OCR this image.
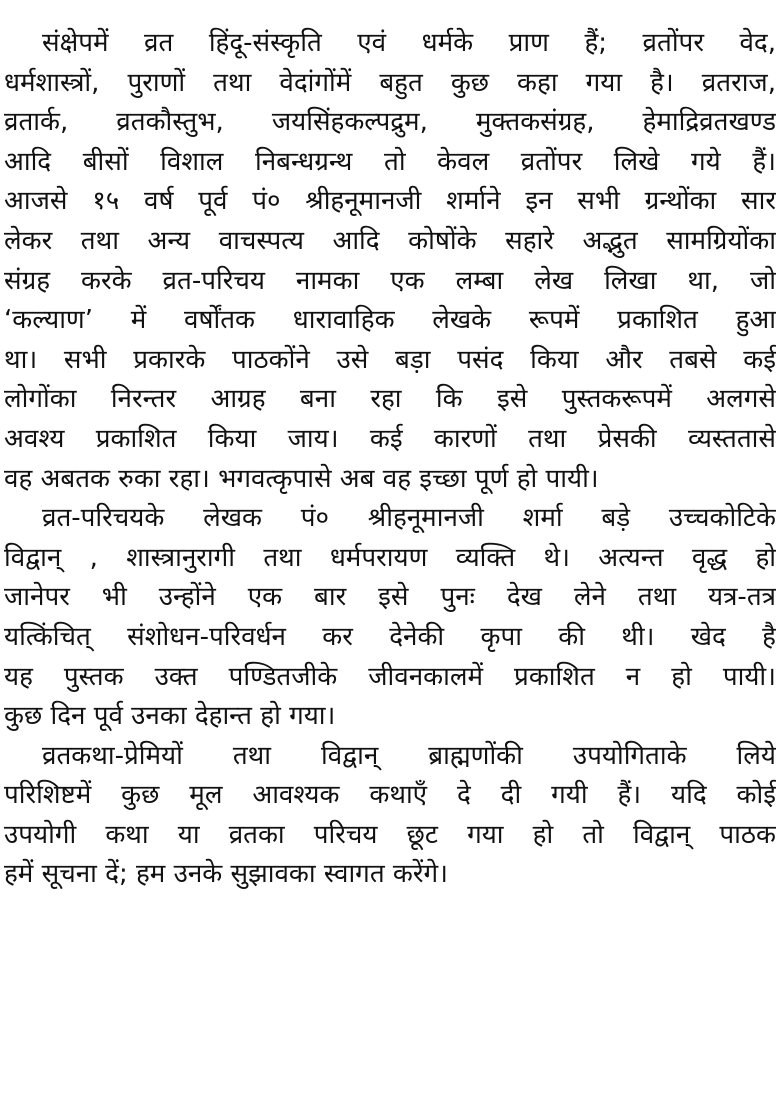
संक्षेपमें व्रत हिंदू-संस्कृति एवं धर्मके प्राण हैं; व्रतोंपर वेद,
धर्मशास्त्रों, पुराणों तथा वेदांगोंमें बहुत कुछ कहा गया है। व्रतराज,
व्रतार्क, व्रतकौस्तुभ, जयसिंहकल्पद्रुम, मुक्तकसंग्रह, हेमाद्रिव्रतखण्ड
आदि बीसों विशाल निबन्धग्रन्थ तो केवल व्रतोंपर लिखे गये हैं।
आजसे १५ वर्ष पूर्व पं० श्रीहनूमानजी शर्माने इन सभी ग्रन्थोंका सार
लेकर तथा अन्य वाचस्पत्य आदि कोषोंके सहारे अद्भुत सामग्रियोंका
संग्रह करके व्रत-परिचय नामका एक लम्बा लेख लिखा था, जो
‘कल्याण’ में वर्षोंतक धारावाहिक लेखके रूपमें प्रकाशित हुआ
था। सभी प्रकारके पाठकोंने उसे बड़ा पसंद किया और तबसे कई
लोगोंका निरन्तर आग्रह बना रहा कि इसे पुस्तकरूपमें अलगसे
अवश्य प्रकाशित किया जाय। कई कारणों तथा प्रेसकी व्यस्ततासे
वह अबतक रुका रहा। भगवत्कृपासे अब वह इच्छा पूर्ण हो पायी।
व्रत-परिचयके लेखक पं० श्रीहनूमानजी शर्मा बड़े उच्चकोटिके
विद्वान् , शास्त्रानुरागी तथा धर्मपरायण व्यक्ति थे। अत्यन्त वृद्ध हो
जानेपर भी उन्होंने एक बार इसे पुनः देख लेने तथा यत्र-तत्र
यत्किंचित् संशोधन-परिवर्धन कर देनेकी कृपा की थी। खेद है
यह पुस्तक उक्त पण्डितजीके जीवनकालमें प्रकाशित न हो पायी।
कुछ दिन पूर्व उनका देहान्त हो गया।
व्रतकथा-प्रेमियों तथा विद्वान् ब्राह्मणोंकी उपयोगिताके लिये
परिशिष्टमें कुछ मूल आवश्यक कथाएँ दे दी गयी हैं। यदि कोई
उपयोगी कथा या व्रतका परिचय छूट गया हो तो विद्वान् पाठक
हमें सूचना दें; हम उनके सुझावका स्वागत करेंगे।
